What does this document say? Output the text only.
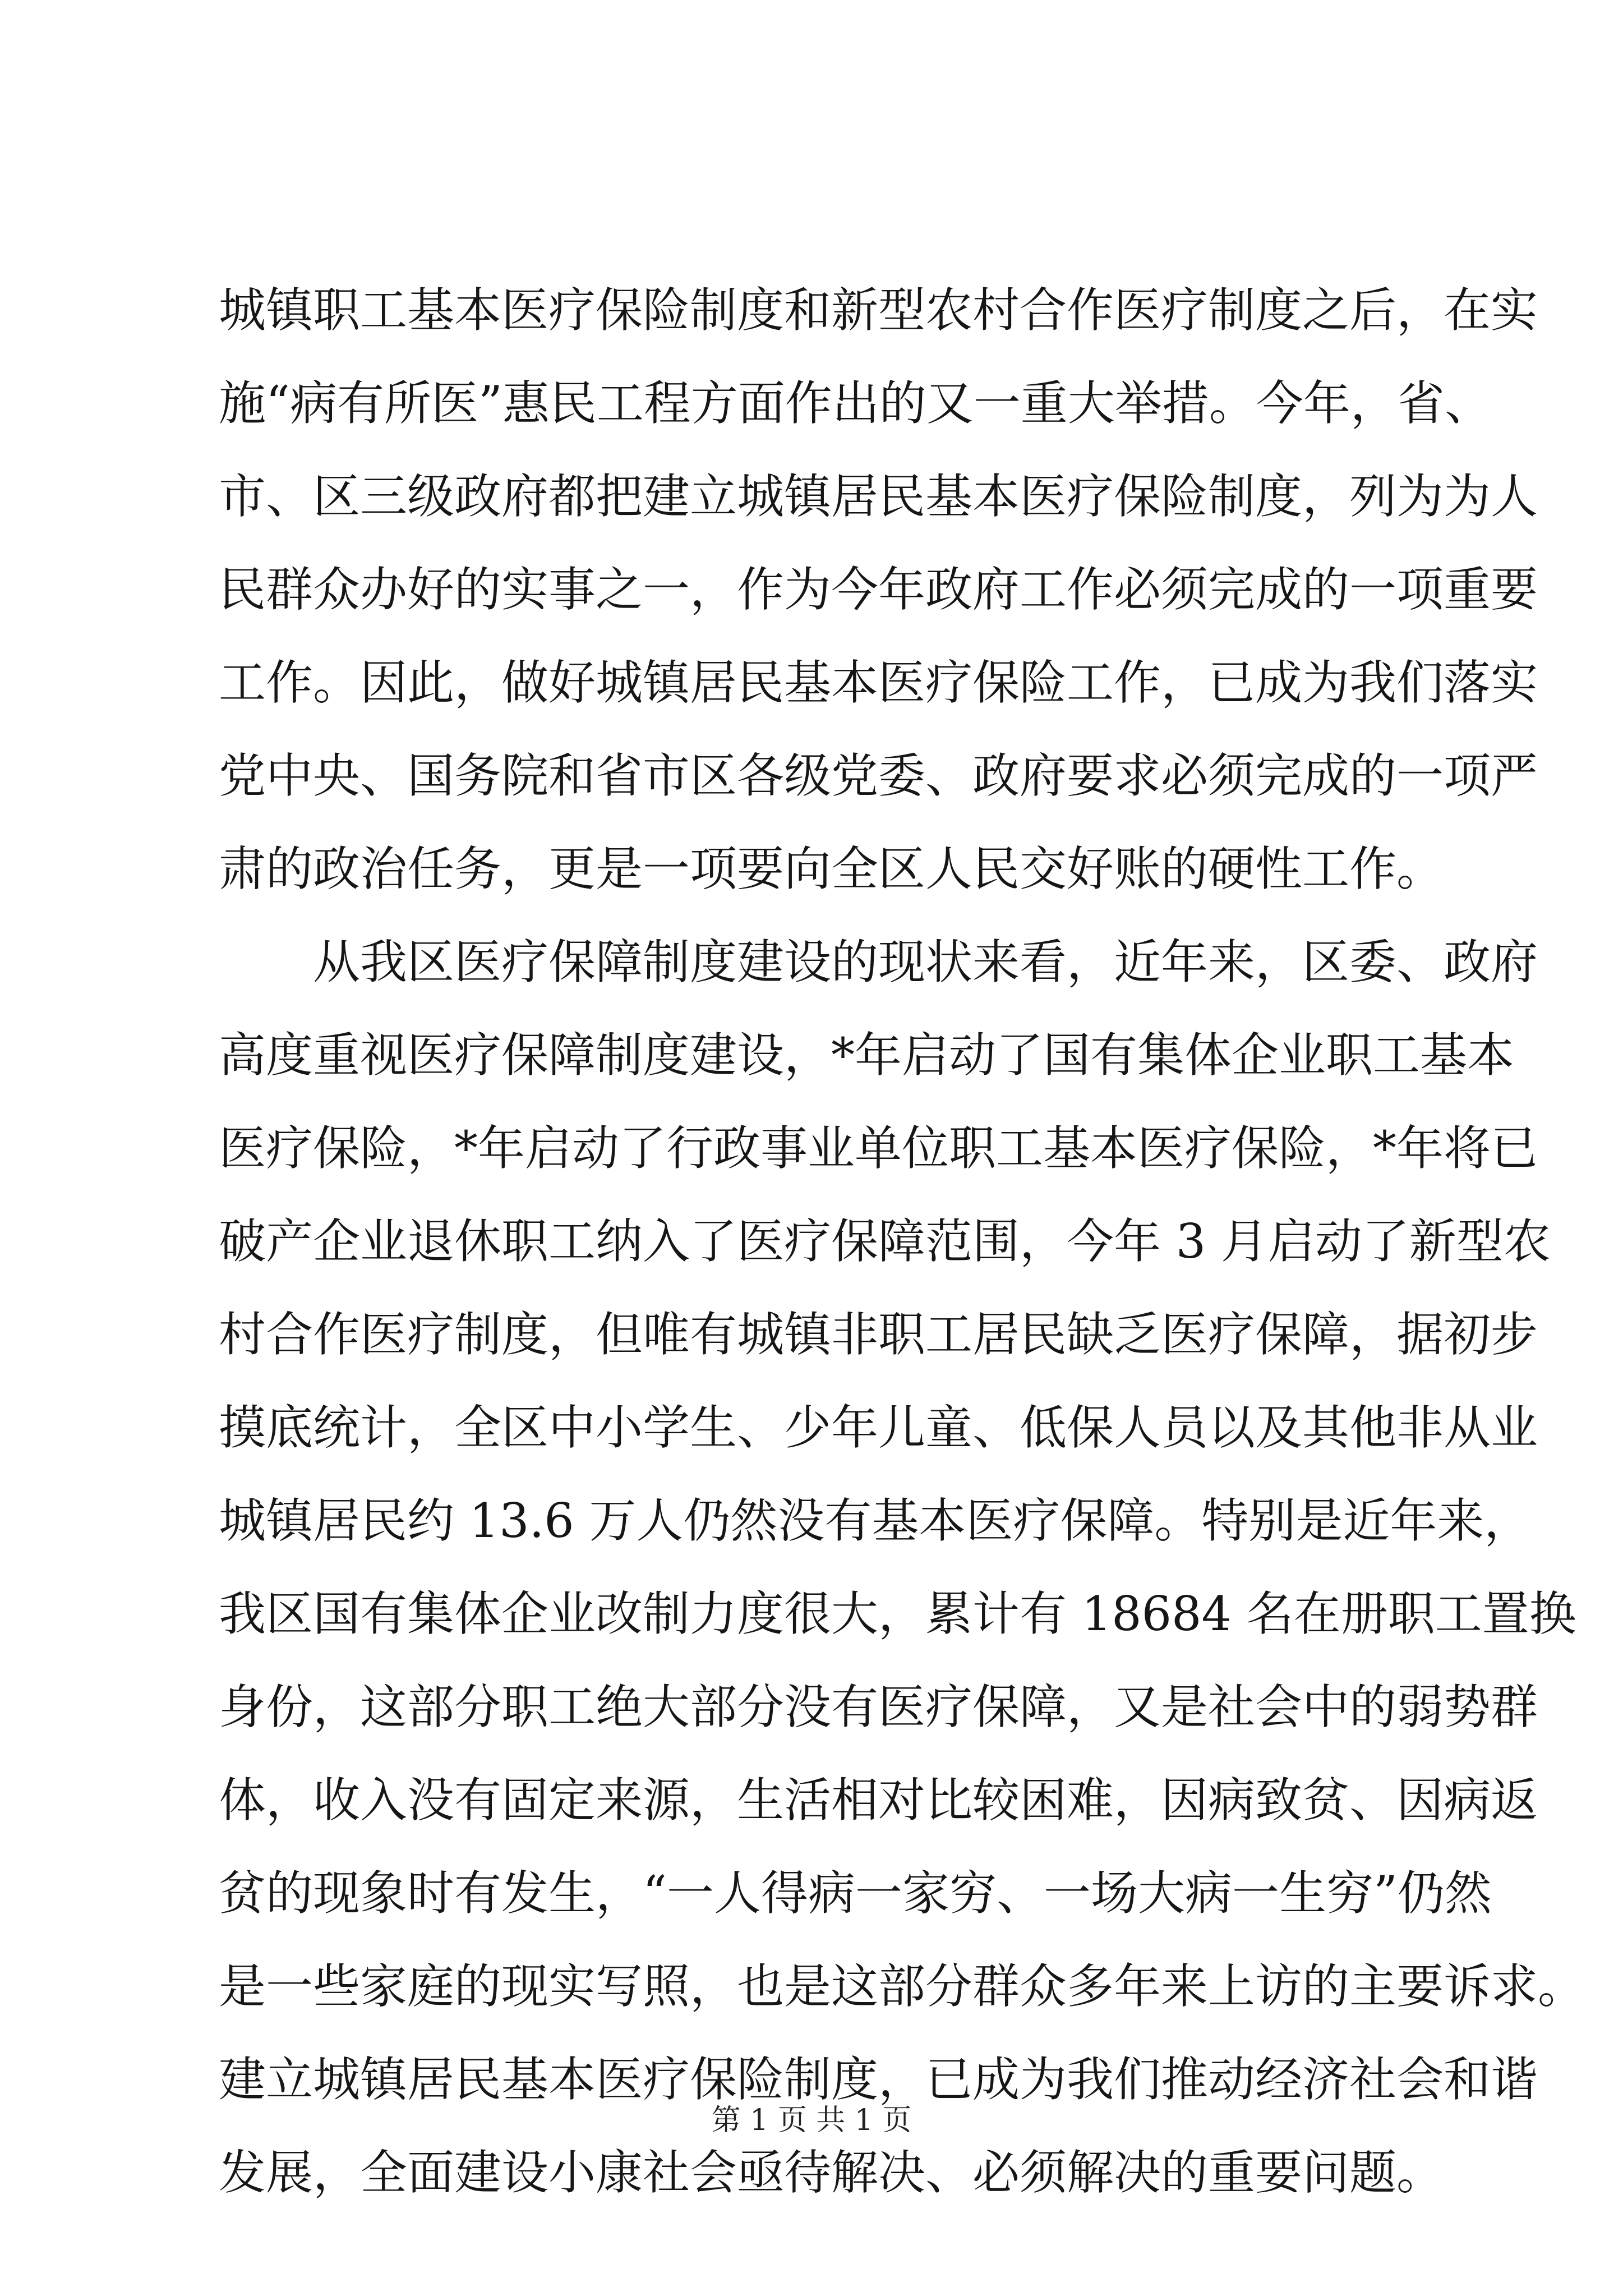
城镇职工基本医疗保险制度和新型农村合作医疗制度之后，在实
施“病有所医”惠民工程方面作出的又一重大举措。今年，省、
市、区三级政府都把建立城镇居民基本医疗保险制度，列为为人
民群众办好的实事之一，作为今年政府工作必须完成的一项重要
工作。因此，做好城镇居民基本医疗保险工作，已成为我们落实
党中央、国务院和省市区各级党委、政府要求必须完成的一项严
肃的政治任务，更是一项要向全区人民交好账的硬性工作。
从我区医疗保障制度建设的现状来看，近年来，区委、政府
高度重视医疗保障制度建设，*年启动了国有集体企业职工基本
医疗保险，*年启动了行政事业单位职工基本医疗保险，*年将已
破产企业退休职工纳入了医疗保障范围，今年 3 月启动了新型农
村合作医疗制度，但唯有城镇非职工居民缺乏医疗保障，据初步
摸底统计，全区中小学生、少年儿童、低保人员以及其他非从业
城镇居民约 13.6 万人仍然没有基本医疗保障。特别是近年来，
我区国有集体企业改制力度很大，累计有 18684 名在册职工置换
身份，这部分职工绝大部分没有医疗保障，又是社会中的弱势群
体，收入没有固定来源，生活相对比较困难，因病致贫、因病返
贫的现象时有发生，“一人得病一家穷、一场大病一生穷”仍然
是一些家庭的现实写照，也是这部分群众多年来上访的主要诉求。
建立城镇居民基本医疗保险制度，已成为我们推动经济社会和谐
发展，全面建设小康社会亟待解决、必须解决的重要问题。
第 1 页 共 1 页
